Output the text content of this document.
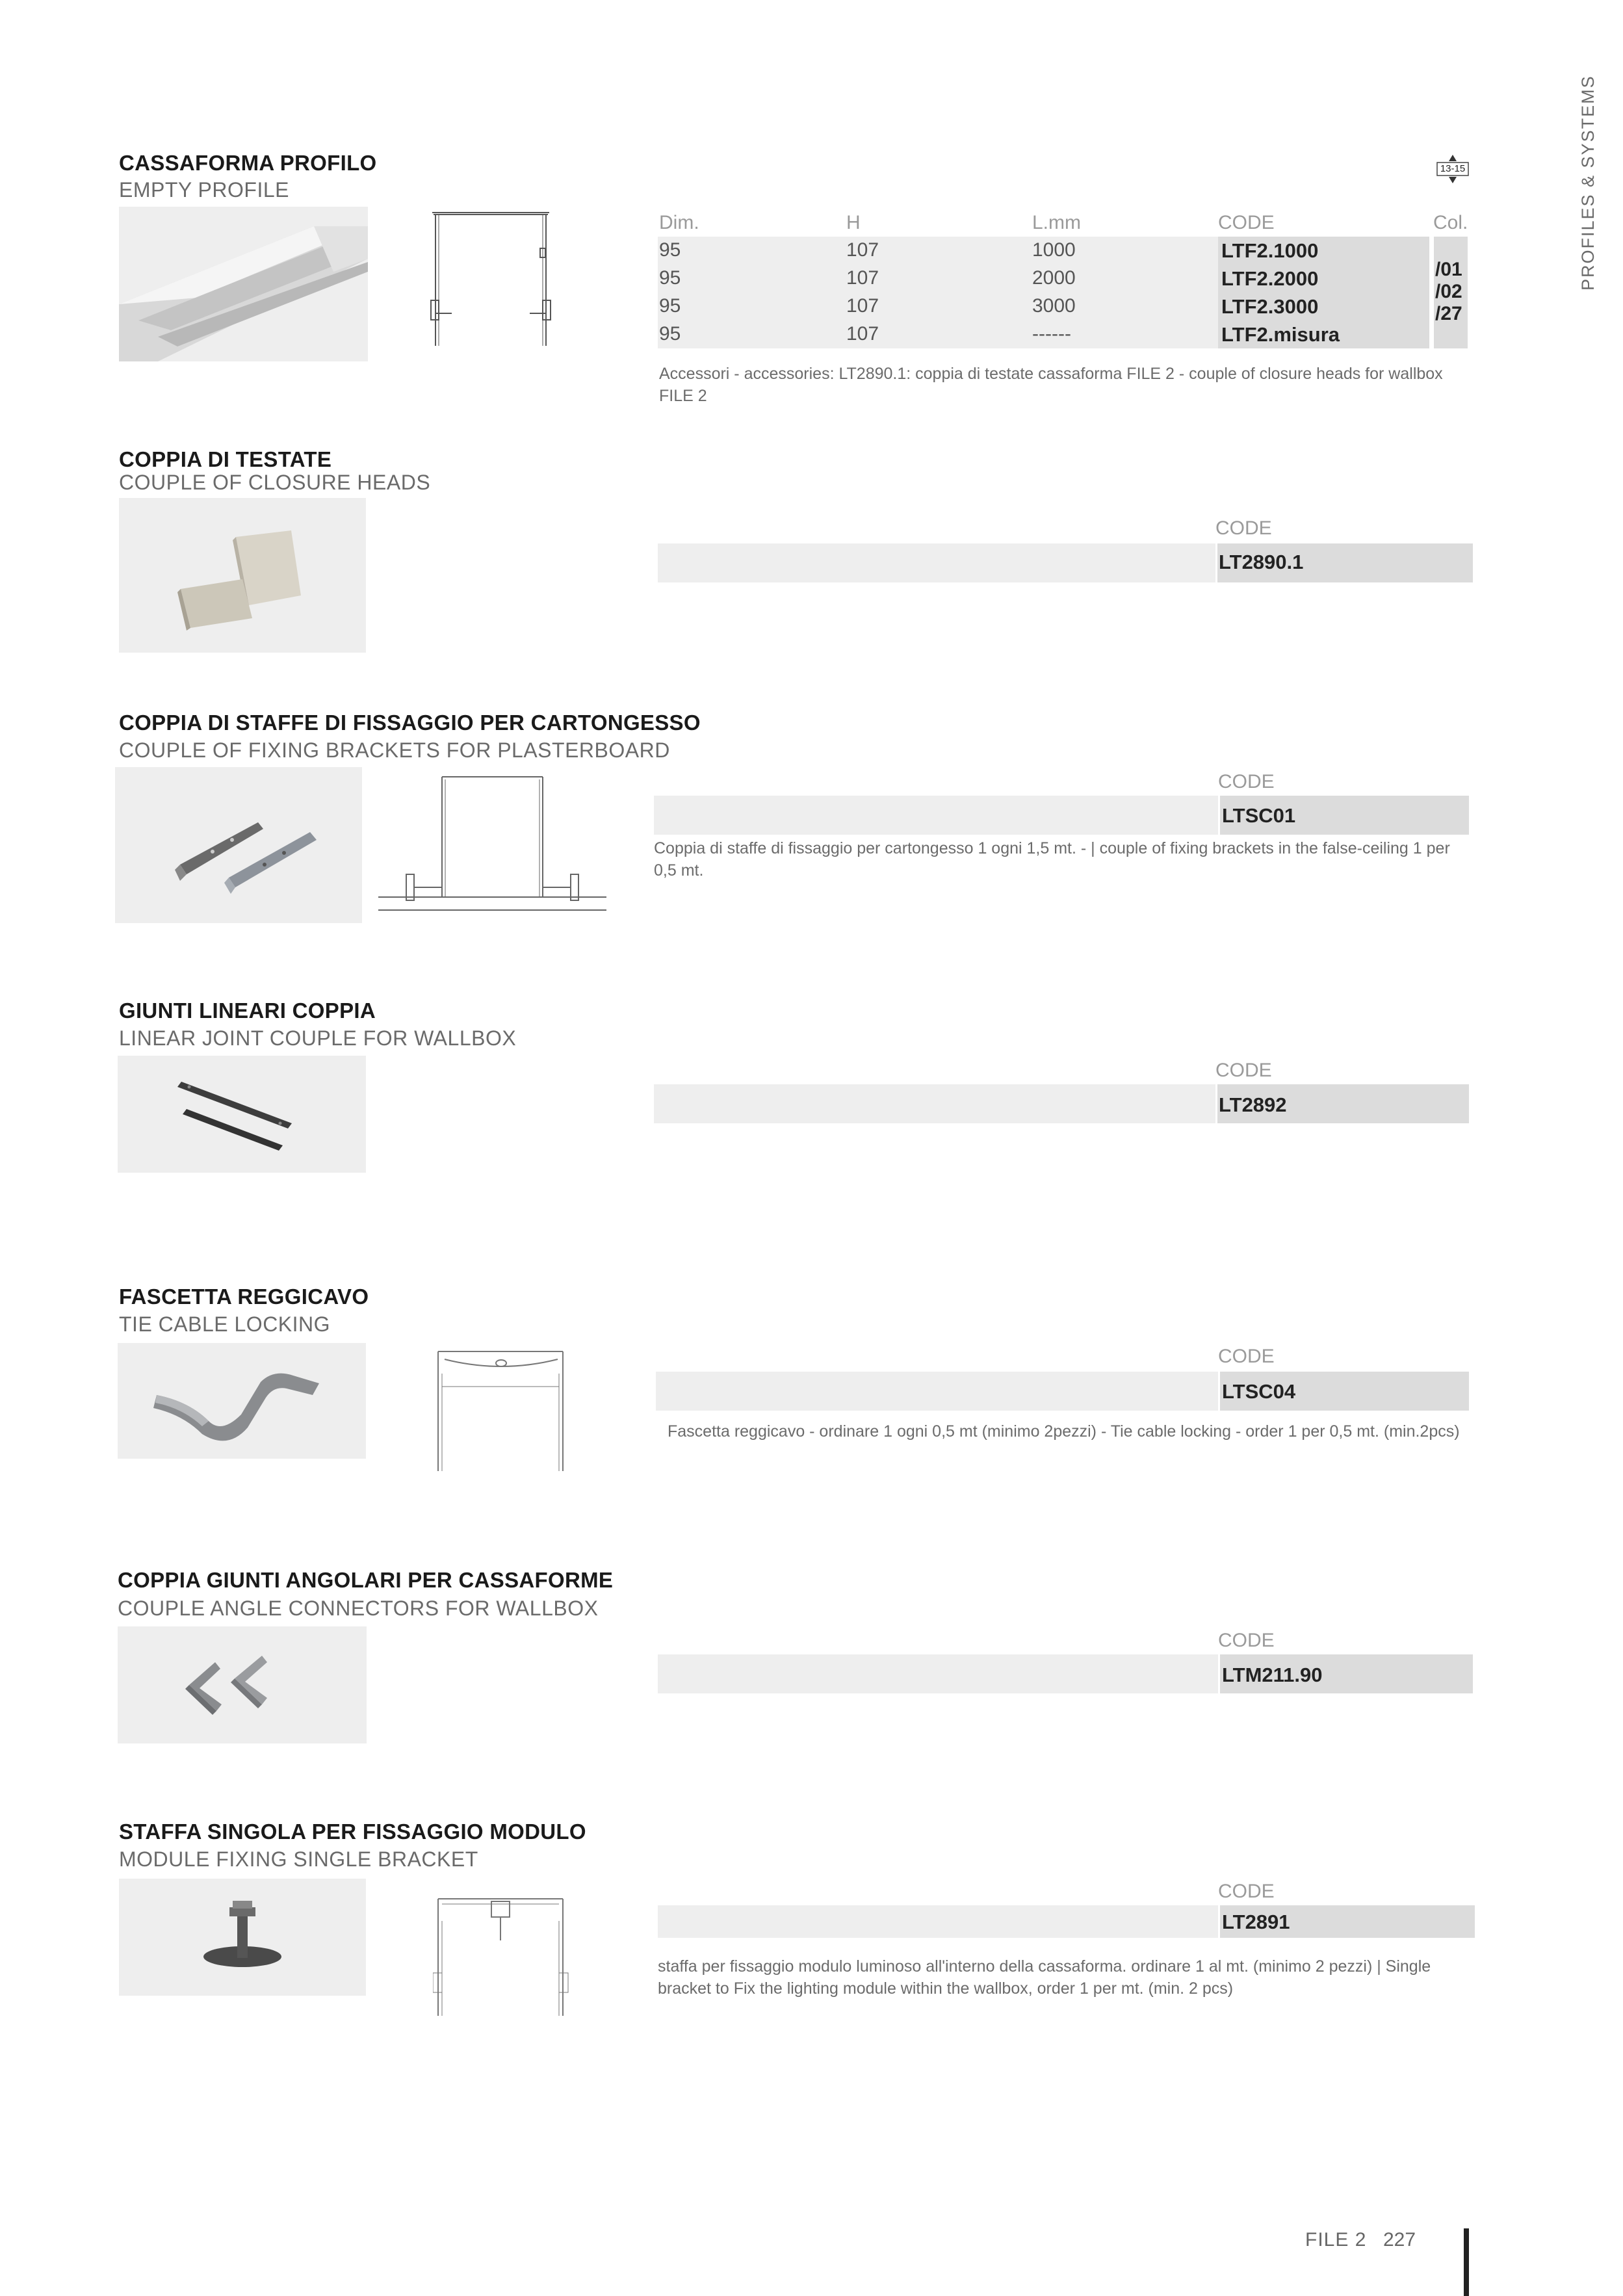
PROFILES & SYSTEMS
13-15
CASSAFORMA PROFILO
EMPTY PROFILE
Dim.	H	L.mm	CODE	Col.
95	107	1000	LTF2.1000
95	107	2000	LTF2.2000
95	107	3000	LTF2.3000
95	107	------	LTF2.misura
/01
/02
/27
Accessori - accessories: LT2890.1: coppia di testate cassaforma FILE 2 - couple of closure heads for wallbox FILE 2
COPPIA DI TESTATE
COUPLE OF CLOSURE HEADS
CODE
LT2890.1
COPPIA DI STAFFE DI FISSAGGIO PER CARTONGESSO
COUPLE OF FIXING BRACKETS FOR PLASTERBOARD
CODE
LTSC01
Coppia di staffe di fissaggio per cartongesso 1 ogni 1,5 mt. - | couple of fixing brackets in the false-ceiling 1 per 0,5 mt.
GIUNTI LINEARI COPPIA
LINEAR JOINT COUPLE FOR WALLBOX
CODE
LT2892
FASCETTA REGGICAVO
TIE CABLE LOCKING
CODE
LTSC04
Fascetta reggicavo - ordinare 1 ogni 0,5 mt (minimo 2pezzi) - Tie cable locking - order 1 per 0,5 mt. (min.2pcs)
COPPIA GIUNTI ANGOLARI PER CASSAFORME
COUPLE ANGLE CONNECTORS FOR WALLBOX
CODE
LTM211.90
STAFFA SINGOLA PER FISSAGGIO MODULO
MODULE FIXING SINGLE BRACKET
CODE
LT2891
staffa per fissaggio modulo luminoso all'interno della cassaforma. ordinare 1 al mt. (minimo 2 pezzi) | Single bracket to Fix the lighting module within the wallbox, order 1 per mt. (min. 2 pcs)
FILE 2 227
